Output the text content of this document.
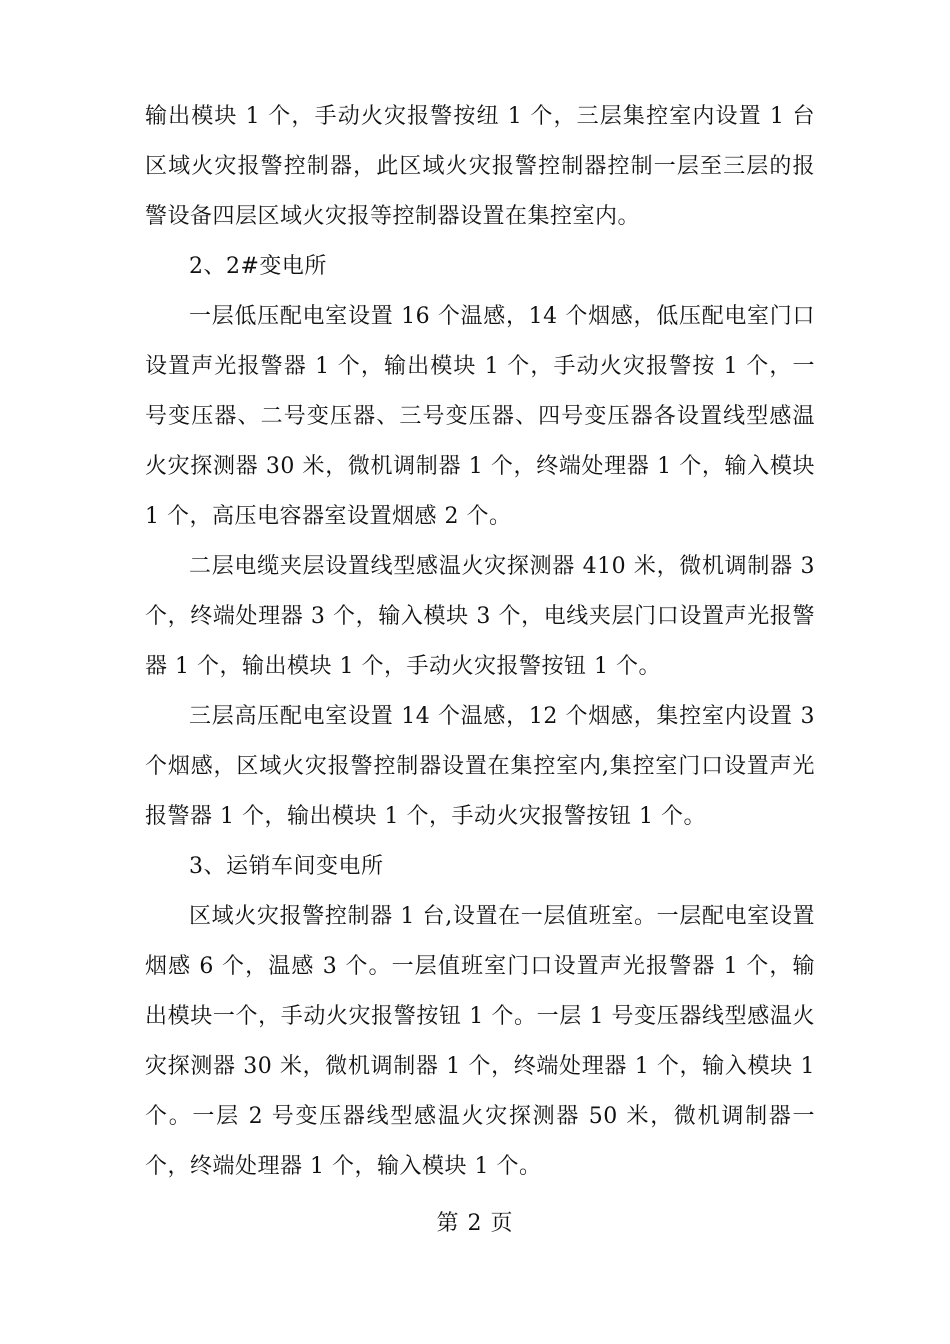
输出模块 1 个，手动火灾报警按纽 1 个，三层集控室内设置 1 台区域火灾报警控制器，此区域火灾报警控制器控制一层至三层的报警设备四层区域火灾报等控制器设置在集控室内。

2、2#变电所

一层低压配电室设置 16 个温感，14 个烟感，低压配电室门口设置声光报警器 1 个，输出模块 1 个，手动火灾报警按 1 个，一号变压器、二号变压器、三号变压器、四号变压器各设置线型感温火灾探测器 30 米，微机调制器 1 个，终端处理器 1 个，输入模块 1 个，高压电容器室设置烟感 2 个。

二层电缆夹层设置线型感温火灾探测器 410 米，微机调制器 3 个，终端处理器 3 个，输入模块 3 个，电线夹层门口设置声光报警器 1 个，输出模块 1 个，手动火灾报警按钮 1 个。

三层高压配电室设置 14 个温感，12 个烟感，集控室内设置 3 个烟感，区域火灾报警控制器设置在集控室内,集控室门口设置声光报警器 1 个，输出模块 1 个，手动火灾报警按钮 1 个。

3、运销车间变电所

区域火灾报警控制器 1 台,设置在一层值班室。一层配电室设置烟感 6 个，温感 3 个。一层值班室门口设置声光报警器 1 个，输出模块一个，手动火灾报警按钮 1 个。一层 1 号变压器线型感温火灾探测器 30 米，微机调制器 1 个，终端处理器 1 个，输入模块 1 个。一层 2 号变压器线型感温火灾探测器 50 米，微机调制器一个，终端处理器 1 个，输入模块 1 个。

第 2 页
